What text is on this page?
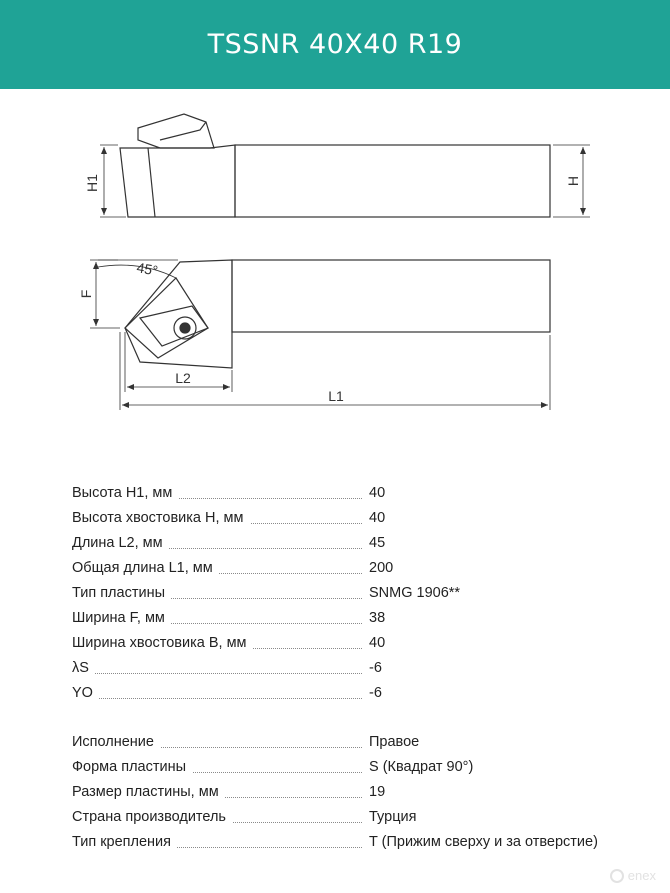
TSSNR 40X40 R19
H1	H
45°
F
L2
L1
Высота H1, мм	40
Высота хвостовика H, мм	40
Длина L2, мм	45
Общая длина L1, мм	200
Тип пластины	SNMG 1906**
Ширина F, мм	38
Ширина хвостовика B, мм	40
λS	-6
YO	-6
Исполнение	Правое
Форма пластины	S (Квадрат 90°)
Размер пластины, мм	19
Страна производитель	Турция
Тип крепления	T (Прижим сверху и за отверстие)
enex
